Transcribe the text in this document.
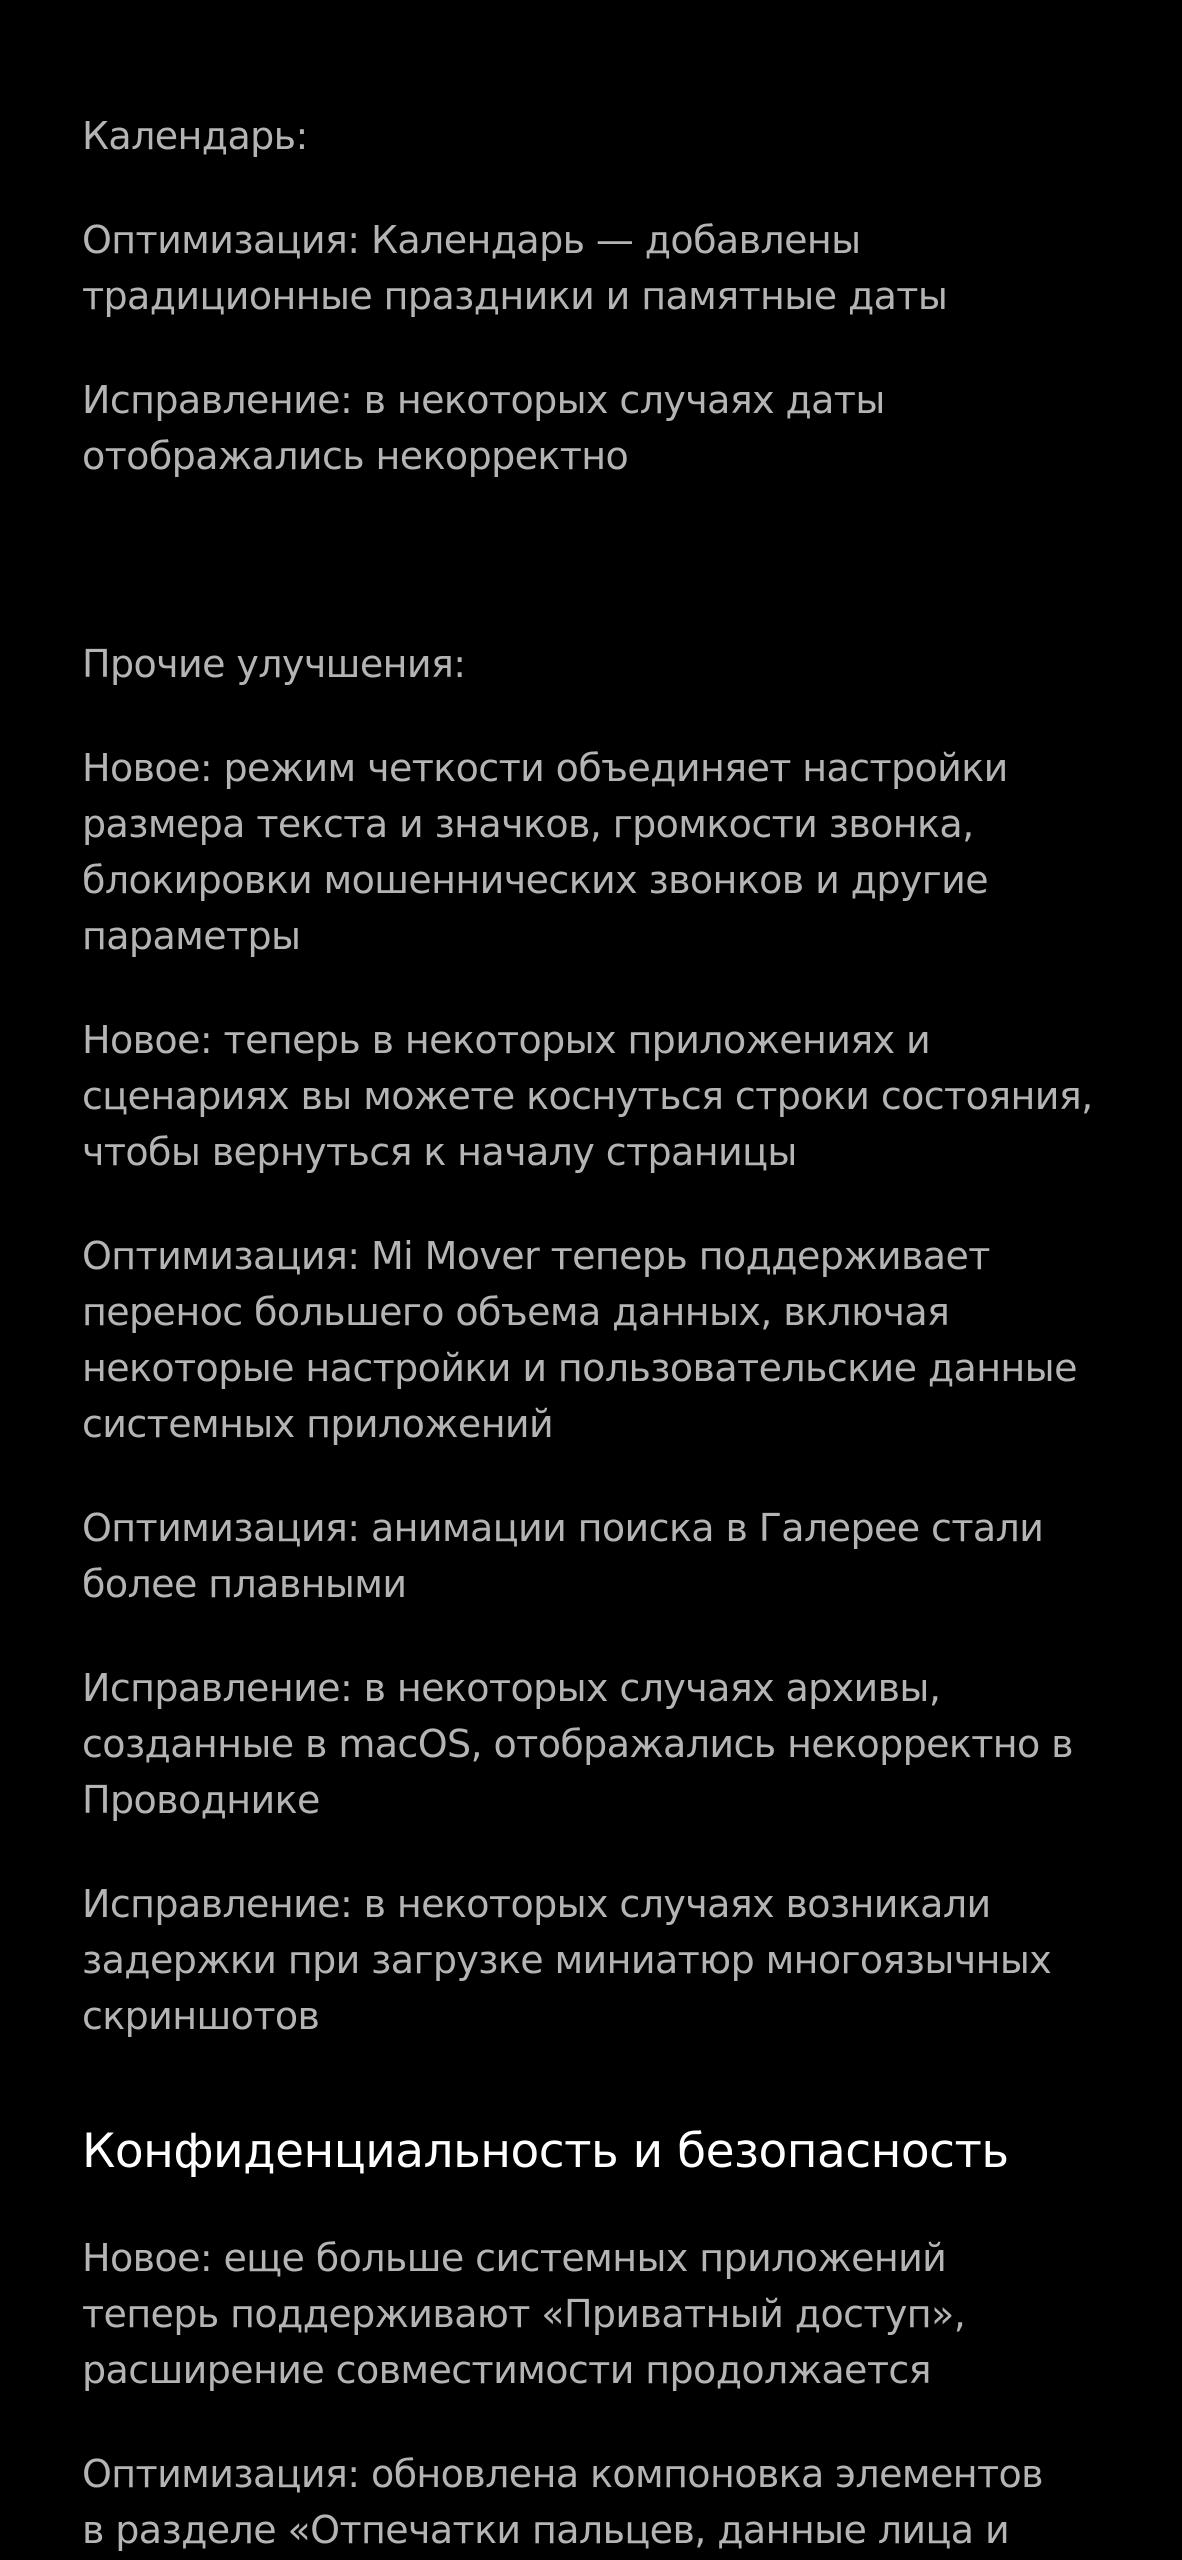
Календарь:

Оптимизация: Календарь — добавлены

традиционные праздники и памятные даты

Исправление: в некоторых случаях даты

отображались некорректно

Прочие улучшения:

Новое: режим четкости объединяет настройки

размера текста и значков, громкости звонка,

блокировки мошеннических звонков и другие

параметры

Новое: теперь в некоторых приложениях и

сценариях вы можете коснуться строки состояния,

чтобы вернуться к началу страницы

Оптимизация: Mi Mover теперь поддерживает

перенос большего объема данных, включая

некоторые настройки и пользовательские данные

системных приложений

Оптимизация: анимации поиска в Галерее стали

более плавными

Исправление: в некоторых случаях архивы,

созданные в macOS, отображались некорректно в

Проводнике

Исправление: в некоторых случаях возникали

задержки при загрузке миниатюр многоязычных

скриншотов

Конфиденциальность и безопасность

Новое: еще больше системных приложений

теперь поддерживают «Приватный доступ»,

расширение совместимости продолжается

Оптимизация: обновлена компоновка элементов

в разделе «Отпечатки пальцев, данные лица и
